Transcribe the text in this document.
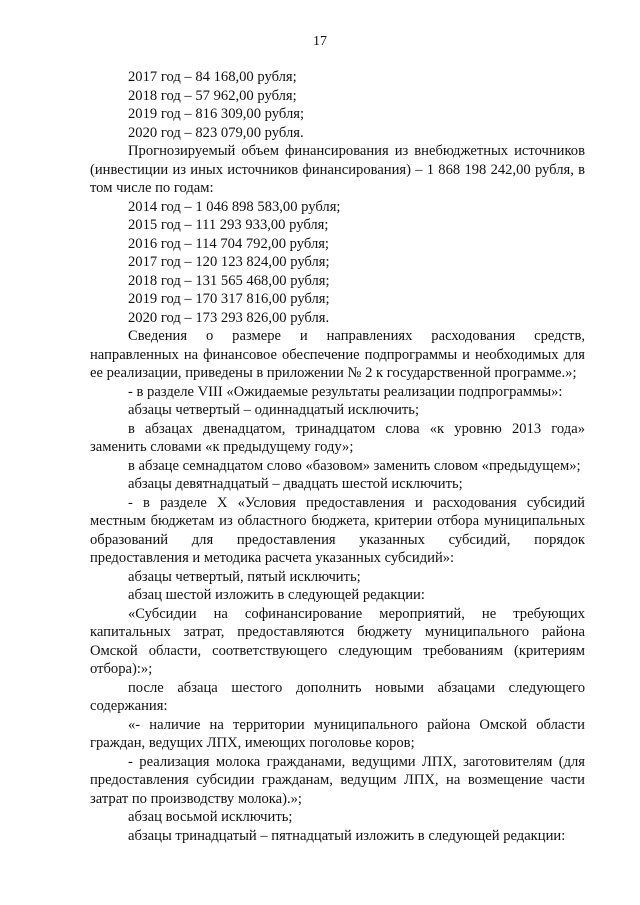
17

2017 год – 84 168,00 рубля;

2018 год – 57 962,00 рубля;

2019 год – 816 309,00 рубля;

2020 год – 823 079,00 рубля.

Прогнозируемый объем финансирования из внебюджетных источников (инвестиции из иных источников финансирования) – 1 868 198 242,00 рубля, в том числе по годам:

2014 год – 1 046 898 583,00 рубля;

2015 год – 111 293 933,00 рубля;

2016 год – 114 704 792,00 рубля;

2017 год – 120 123 824,00 рубля;

2018 год – 131 565 468,00 рубля;

2019 год – 170 317 816,00 рубля;

2020 год – 173 293 826,00 рубля.

Сведения о размере и направлениях расходования средств, направленных на финансовое обеспечение подпрограммы и необходимых для ее реализации, приведены в приложении № 2 к государственной программе.»;

- в разделе VIII «Ожидаемые результаты реализации подпрограммы»:

абзацы четвертый – одиннадцатый исключить;

в абзацах двенадцатом, тринадцатом слова «к уровню 2013 года» заменить словами «к предыдущему году»;

в абзаце семнадцатом слово «базовом» заменить словом «предыдущем»;

абзацы девятнадцатый – двадцать шестой исключить;

- в разделе X «Условия предоставления и расходования субсидий местным бюджетам из областного бюджета, критерии отбора муниципальных образований для предоставления указанных субсидий, порядок предоставления и методика расчета указанных субсидий»:

абзацы четвертый, пятый исключить;

абзац шестой изложить в следующей редакции:

«Субсидии на софинансирование мероприятий, не требующих капитальных затрат, предоставляются бюджету муниципального района Омской области, соответствующего следующим требованиям (критериям отбора):»;

после абзаца шестого дополнить новыми абзацами следующего содержания:

«- наличие на территории муниципального района Омской области граждан, ведущих ЛПХ, имеющих поголовье коров;

- реализация молока гражданами, ведущими ЛПХ, заготовителям (для предоставления субсидии гражданам, ведущим ЛПХ, на возмещение части затрат по производству молока).»;

абзац восьмой исключить;

абзацы тринадцатый – пятнадцатый изложить в следующей редакции:
